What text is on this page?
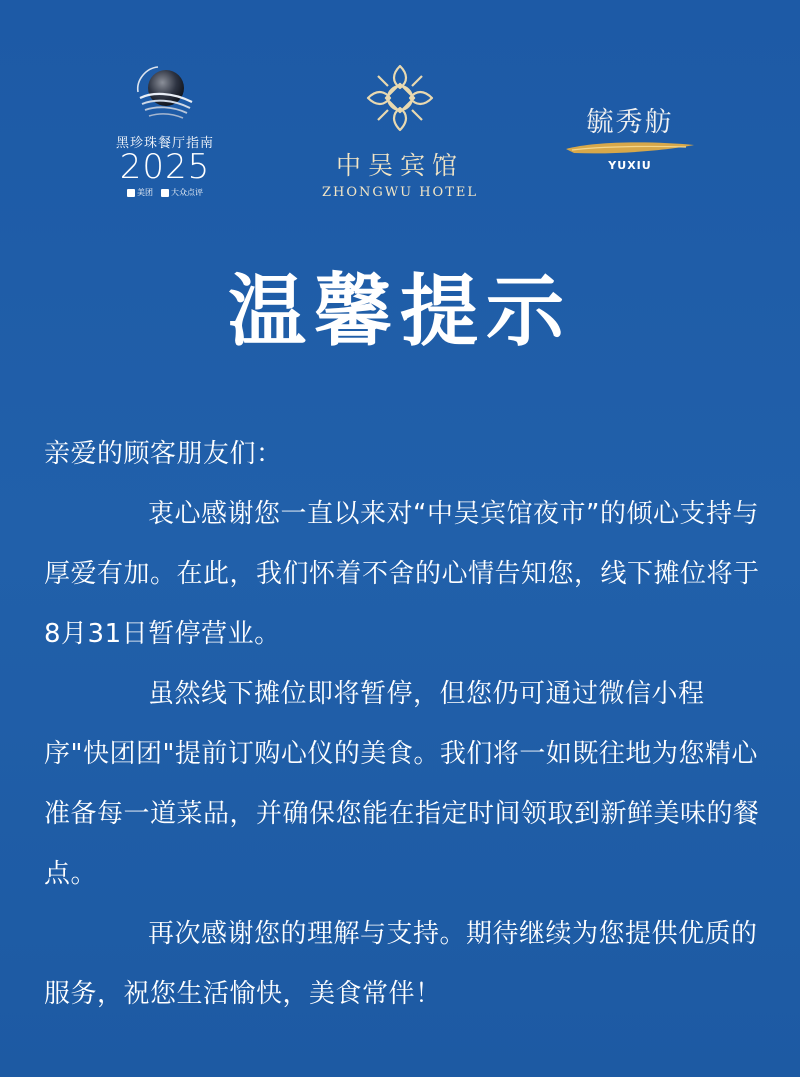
黑珍珠餐厅指南
2025
美团 大众点评
中吴宾馆
ZHONGWU HOTEL
毓秀舫
YUXIU
温馨提示

亲爱的顾客朋友们：

衷心感谢您一直以来对“中吴宾馆夜市”的倾心支持与厚爱有加。在此，我们怀着不舍的心情告知您，线下摊位将于8月31日暂停营业。

虽然线下摊位即将暂停，但您仍可通过微信小程序"快团团"提前订购心仪的美食。我们将一如既往地为您精心准备每一道菜品，并确保您能在指定时间领取到新鲜美味的餐点。

再次感谢您的理解与支持。期待继续为您提供优质的服务，祝您生活愉快，美食常伴！
